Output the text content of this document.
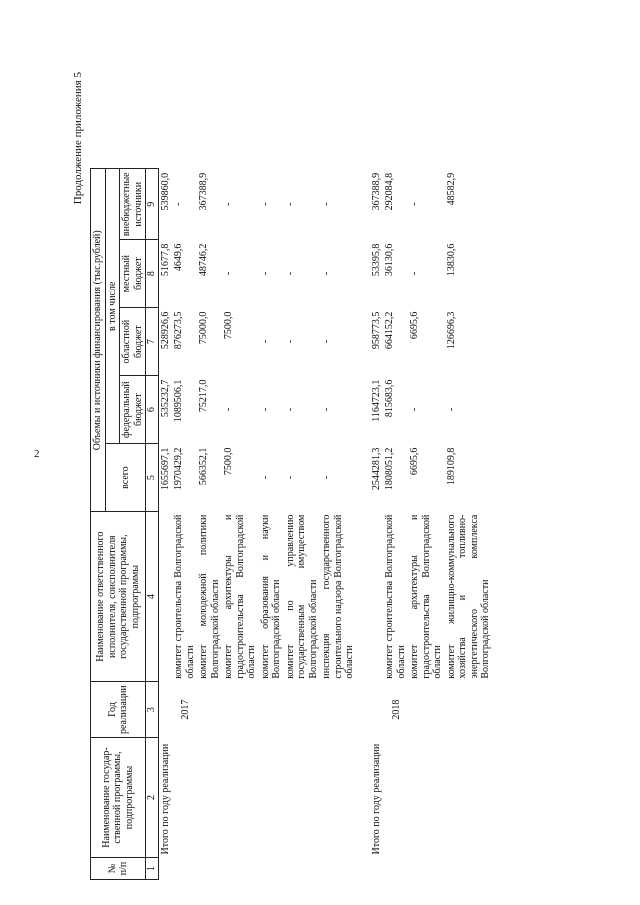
2
Продолжение приложения 5
№ п/п	Наименование государ-ственной программы, подпрограммы	Год реализации	Наименование ответственного исполнителя, соисполнителя государственной программы, подпрограммы	Объемы и источники финансирования (тыс.рублей)				
				всего	в том числе			
					федеральный бюджет	областной бюджет	местный бюджет	внебюджетные источники
1	2	3	4	5	6	7	8	9
	Итого по году реализации			1655697,1	535232,7	528926,6	51677,8	539860,0
		2017	комитет строительства Волгоградской области	1970429,2	1089506,1	876273,5	4649,6	-
			комитет молодежной политики Волгоградской области	566352,1	75217,0	75000,0	48746,2	367388,9
			комитет архитектуры и градостроительства Волгоградской области	7500,0	-	7500,0	-	-
			комитет образования и науки Волгоградской области	-	-	-	-	-
			комитет по управлению государственным имуществом Волгоградской области	-	-	-	-	-
			инспекция государственного строительного надзора Волгоградской области	-	-	-	-	-
	Итого по году реализации			2544281,3	1164723,1	958773,5	53395,8	367388,9
		2018	комитет строительства Волгоградской области	1808051,2	815683,6	664152,2	36130,6	292084,8
			комитет архитектуры и градостроительства Волгоградской области	6695,6	-	6695,6	-	-
			комитет жилищно-коммунального хозяйства и топливно-энергетического комплекса Волгоградской области	189109,8	-	126696,3	13830,6	48582,9
